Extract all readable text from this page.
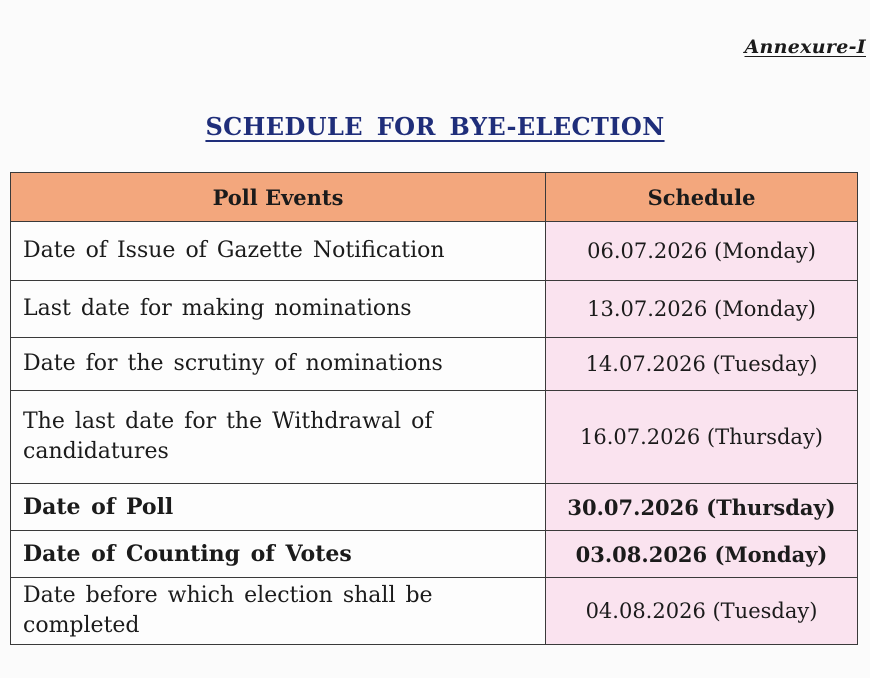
Annexure-I
SCHEDULE FOR BYE-ELECTION
Poll Events	Schedule
Date of Issue of Gazette Notification	06.07.2026 (Monday)
Last date for making nominations	13.07.2026 (Monday)
Date for the scrutiny of nominations	14.07.2026 (Tuesday)
The last date for the Withdrawal of candidatures	16.07.2026 (Thursday)
Date of Poll	30.07.2026 (Thursday)
Date of Counting of Votes	03.08.2026 (Monday)
Date before which election shall be completed	04.08.2026 (Tuesday)
